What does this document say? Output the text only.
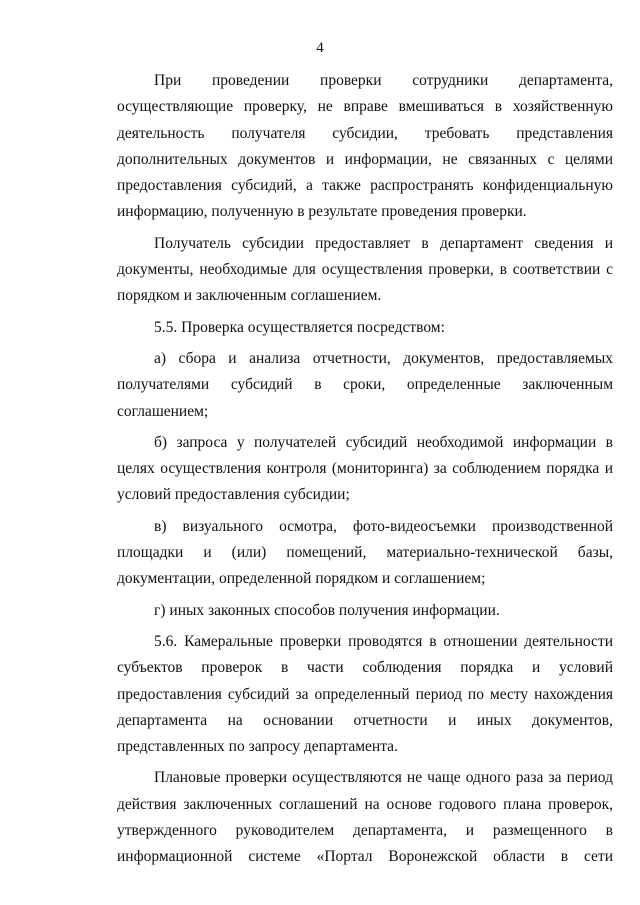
4

При проведении проверки сотрудники департамента,
осуществляющие проверку, не вправе вмешиваться в хозяйственную
деятельность получателя субсидии, требовать представления
дополнительных документов и информации, не связанных с целями
предоставления субсидий, а также распространять конфиденциальную
информацию, полученную в результате проведения проверки.

Получатель субсидии предоставляет в департамент сведения и
документы, необходимые для осуществления проверки, в соответствии с
порядком и заключенным соглашением.

5.5. Проверка осуществляется посредством:

а) сбора и анализа отчетности, документов, предоставляемых
получателями субсидий в сроки, определенные заключенным
соглашением;

б) запроса у получателей субсидий необходимой информации в
целях осуществления контроля (мониторинга) за соблюдением порядка и
условий предоставления субсидии;

в) визуального осмотра, фото-видеосъемки производственной
площадки и (или) помещений, материально-технической базы,
документации, определенной порядком и соглашением;

г) иных законных способов получения информации.

5.6. Камеральные проверки проводятся в отношении деятельности
субъектов проверок в части соблюдения порядка и условий
предоставления субсидий за определенный период по месту нахождения
департамента на основании отчетности и иных документов,
представленных по запросу департамента.

Плановые проверки осуществляются не чаще одного раза за период
действия заключенных соглашений на основе годового плана проверок,
утвержденного руководителем департамента, и размещенного в
информационной системе «Портал Воронежской области в сети
